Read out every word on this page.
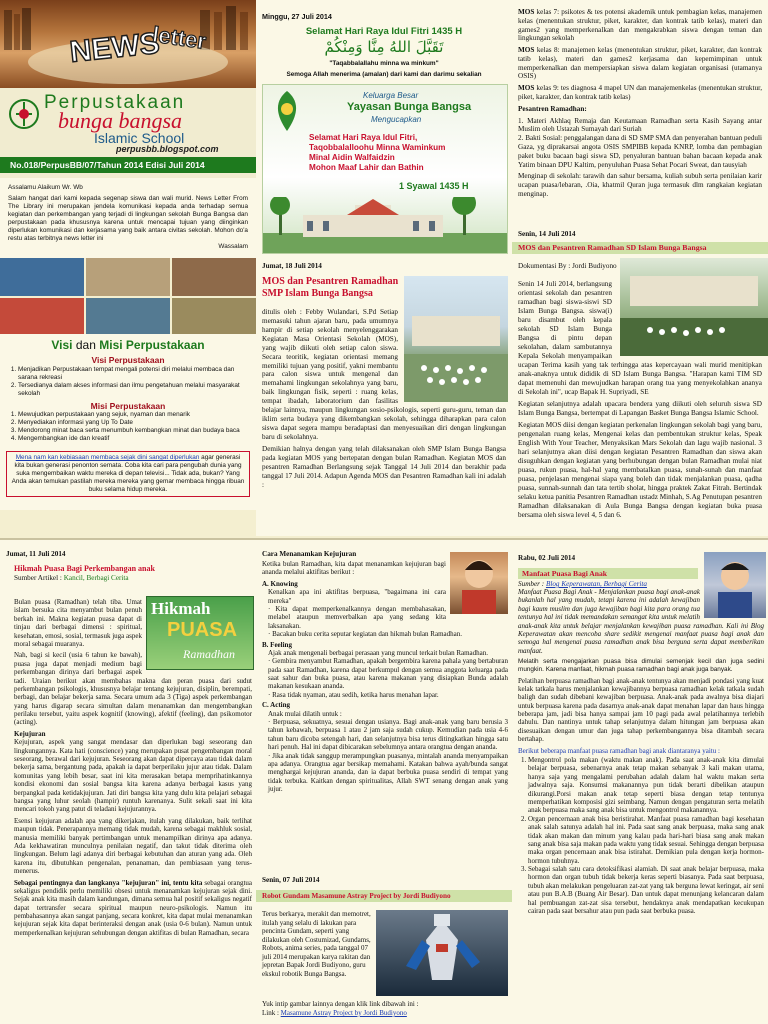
NEWS
letter
Perpustakaan
bunga bangsa
Islamic School
perpusbb.blogspot.com
No.018/PerpusBB/07/Tahun 2014 Edisi Juli 2014
Assalamu Alaikum Wr. Wb
Salam hangat dari kami kepada segenap siswa dan wali murid. News Letter From The Library ini merupakan jendela komunikasi kepada anda terhadap semua kegiatan dan perkembangan yang terjadi di lingkungan sekolah Bunga Bangsa dan perpustakaan pada khususnya karena untuk mencapai tujuan yang diinginkan diperlukan komunikasi dan kerjasama yang baik antara civitas sekolah. Mohon do'a restu atas terbitnya news letter ini
Wassalam
Visi dan Misi Perpustakaan
Visi Perpustakaan
1. Menjadikan Perpustakaan tempat mengali potensi diri melalui membaca dan sarana rekreasi
2. Tersedianya dalam akses informasi dan ilmu pengetahuan melalui masyarakat sekolah
Misi Perpustakaan
1. Mewujudkan perpustakaan yang sejuk, nyaman dan menarik
2. Menyediakan informasi yang Up To Date
3. Mendorong minat baca serta menumbuh kembangkan minat dan budaya baca
4. Mengembangkan ide dan kreatif
Mena nam kan kebiasaan membaca sejak dini sangat diperlukan agar generasi kita bukan generasi penonton semata. Coba kita cari para pengubah dunia yang suka mengembaikan waktu mereka di depan televisi... Tidak ada, bukan? Yang Anda akan temukan pastilah mereka mereka yang gemar membaca hingga ribuan buku selama hidup mereka.
Minggu, 27 Juli 2014
Selamat Hari Raya Idul Fitri 1435 H
تَقَبَّلَ اللهُ مِنَّا وَمِنْكُمْ
"Taqabbalallahu minna wa minkum"
Semoga Allah menerima (amalan) dari kami dan darimu sekalian
Keluarga Besar
Yayasan Bunga Bangsa
Mengucapkan
Selamat Hari Raya Idul Fitri,
Taqobbalalloohu Minna Waminkum
Minal Aidin Walfaidzin
Mohon Maaf Lahir dan Bathin
1 Syawal 1435 H

MOS kelas 7: psikotes & tes potensi akademik untuk pembagian kelas, manajemen kelas (menentukan struktur, piket, karakter, dan kontrak tatib kelas), materi dan games2 yang memperkenalkan dan mengakrabkan siswa dengan teman dan lingkungan sekolah

MOS kelas 8: manajemen kelas (menentukan struktur, piket, karakter, dan kontrak tatib kelas), materi dan games2 kerjasama dan kepemimpinan untuk memperkenalkan dan mempersiapkan siswa dalam kegiatan organisasi (utamanya OSIS)

MOS kelas 9: tes diagnosa 4 mapel UN dan manajemenkelas (menentukan struktur, piket, karakter, dan kontrak tatib kelas)

Pesantren Ramadhan:

1. Materi Akhlaq Remaja dan Keutamaan Ramadhan serta Kasih Sayang antar Muslim oleh Ustazah Sumayah dari Suriah

2. Bakti Sosial: penggalangan dana di SD SMP SMA dan penyerahan bantuan peduli Gaza, yg diprakarsai angota OSIS SMPIBB kepada KNRP, lomba dan pembagian paket buku bacaan bagi siswa SD, penyaluran bantuan bahan bacaan kepada anak Yatim binaan DPU Kaltim, penyuluhan Puasa Sehat Pocari Sweat, dan tausyiah

Menginap di sekolah: tarawih dan sahur bersama, kuliah subuh serta penilaian karir ucapan puasa/lebaran, .Oia, khatmil Quran juga termasuk dlm rangkaian kegiatan menginap.

Senin, 14 Juli 2014
MOS dan Pesantren Ramadhan SD Islam Bunga Bangsa
Dokumentasi By : Jordi Budiyono

Senin 14 Juli 2014, berlangsung orientasi sekolah dan pesantren ramadhan bagi siswa-siswi SD Islam Bunga Bangsa. siswa(i) baru disambut oleh kepala sekolah SD Islam Bunga Bangsa di pintu depan sekolahan, dalam sambutannya Kepala Sekolah menyampaikan ucapan Terima kasih yang tak terhingga atas kepercayaan wali murid menitipkan anak-anaknya untuk dididik di SD Islam Bunga Bangsa. "Harapan kami TIM SD dapat memenuhi dan mewujudkan harapan orang tua yang menyekolahkan ananya di Sekolah ini", ucap Bapak H. Supriyadi, SE

Kegiatan selanjutnya adalah upacara bendera yang diikuti oleh seluruh siswa SD Islam Bunga Bangsa, bertempat di Lapangan Basket Bunga Bangsa Islamic School.

Kegiatan MOS diisi dengan kegiatan perkenalan lingkungan sekolah bagi yang baru, pengenalan ruang kelas, Mengenai kelas dan pembentukan struktur kelas, Speak English With Your Teacher, Menyaksikan Mars Sekolah dan lagu wajib nasional. 3 hari selanjutnya akan diisi dengan kegiatan Pesantren Ramadhan dan siswa akan disuguhkan dengan kegiatan yang berhubungan dengan bulan Ramadhan mulai niat puasa, rukun puasa, hal-hal yang membatalkan puasa, sunah-sunah dan manfaat puasa, penjelasan mengenai siapa yang boleh dan tidak menjalankan puasa, qadha puasa, sunnah-sunnah dan tata tertib sholat, hingga praktek Zakat Fitrah. Bertindak selaku ketua panitia Pesantren Ramadhan ustadz Minhah, S.Ag Penutupan pesantren Ramadhan dilaksanakan di Aula Bunga Bangsa dengan kegiatan buka puasa bersama oleh siswa level 4, 5 dan 6.

Jumat, 18 Juli 2014
MOS dan Pesantren Ramadhan SMP Islam Bunga Bangsa

ditulis oleh : Febby Wulandari, S.Pd Setiap memasuki tahun ajaran baru, pada umumnya hampir di setiap sekolah menyelenggarakan Kegiatan Masa Orientasi Sekolah (MOS), yang wajib diikuti oleh setiap calon siswa. Secara teoritik, kegiatan orientasi memang memiliki tujuan yang positif, yakni membantu para calon siswa untuk mengenal dan memahami lingkungan sekolahnya yang baru, baik lingkungan fisik, seperti : ruang kelas, tempat ibadah, laboratorium dan fasilitas belajar lainnya, maupun lingkungan sosio-psikologis, seperti guru-guru, teman dan iklim serta budaya yang dikembangkan sekolah, sehingga diharapkan para calon siswa dapat segera mampu beradaptasi dan menyesuaikan diri dengan lingkungan baru di sekolahnya.

Demikian halnya dengan yang telah dilaksanakan oleh SMP Islam Bunga Bangsa pada kegiatan MOS yang bertepatan dengan bulan Ramadhan. Kegiatan MOS dan pesantren Ramadhan Berlangsung sejak Tanggal 14 Juli 2014 dan berakhir pada tanggal 17 Juli 2014. Adapun Agenda MOS dan Pesantren Ramadhan kali ini adalah :

Jumat, 11 Juli 2014
Hikmah Puasa Bagi Perkembangan anak
Sumber Artikel : Kancil, Berbagi Cerita
Hikmah
PUASA
Ramadhan

Bulan puasa (Ramadhan) telah tiba. Umat islam bersuka cita menyambut bulan penuh berkah ini. Makna kegiatan puasa dapat di tinjau dari berbagai dimensi : spiritual, kesehatan, emosi, sosial, termasuk juga aspek moral sebagai muaranya.

Nah, bagi si kecil (usia 6 tahun ke bawah), puasa juga dapat menjadi medium bagi perkembangan dirinya dari berbagai aspek tadi. Uraian berikut akan membahas makna dan peran puasa dari sudut perkembangan psikologis, khususnya belajar tentang kejujuran, disiplin, berempati, berbagi, dan belajar bekerja sama. Secara umum ada 3 (Tiga) aspek perkembangan yang harus digarap secara simultan dalam menanamkan dan mengembangkan perilaku tersebut, yaitu aspek kognitif (knowing), afektif (feeling), dan psikomotor (acting).

Kejujuran

Kejujuran, aspek yang sangat mendasar dan diperlukan bagi seseorang dan lingkungannya. Kata hati (conscience) yang merupakan pusat pengembangan moral seseorang, berawal dari kejujuran. Seseorang akan dapat dipercaya atau tidak dalam bekerja sama, bergantung pada, apakah ia dapat berperilaku jujur atau tidak. Dalam komunitas yang lebih besar, saat ini kita merasakan betapa memprihatinkannya kondisi ekonomi dan sosial bangsa kita karena adanya berbagai kasus yang berpangkal pada ketidakjujuran. Jati diri bangsa kita yang dulu kita pelajari sebagai bangsa yang luhur seolah (hampir) runtuh karenanya. Sulit sekali saat ini kita mencari tokoh yang patut di teladani kejujurannya.

Esensi kejujuran adalah apa yang dikerjakan, itulah yang dilakukan, baik terlihat maupun tidak. Penerapannya memang tidak mudah, karena sebagai makhluk sosial, manusia memiliki banyak pertimbangan untuk menampilkan dirinya apa adanya. Ada kekhawatiran munculnya penilaian negatif, dan takut tidak diterima oleh lingkungan. Belum lagi adanya diri berbagai kebutuhan dan aturan yang ada. Oleh karena itu, dibutuhkan pengenalan, penanaman, dan pembiasaan yang terus-menerus.

Sebagai pentingnya dan langkanya "kejujuran" ini, tentu kita sebagai orangtua sekaligus pendidik perlu memiliki obsesi untuk menanamkan kejujuran sejak dini. Sejak anak kita masih dalam kandungan, dimana semua hal positif sekaligus negatif dapat tertransfer secara spiritual maupun neuro-psikologis. Namun itu pembahasannya akan sangat panjang, secara konkret, kita dapat mulai menanamkan kejujuran sejak kita dapat berinteraksi dengan anak (usia 0-6 bulan). Namun untuk memperkenalkan kejujuran sehubungan dengan aktifitas di bulan Ramadhan, secara

Cara Menanamkan Kejujuran

Ketika bulan Ramadhan, kita dapat menanamkan kejujuran bagi ananda melalui aktifitas berikut :

A. Knowing

Kenalkan apa ini aktifitas berpuasa, "bagaimana ini cara mereka"

· Kita dapat memperkenalkannya dengan membahasakan, melabel ataupun memverbalkan apa yang sedang kita laksanakan.

· Bacakan buku cerita seputar kegiatan dan hikmah bulan Ramadhan.

B. Feeling

Ajak anak mengenali berbagai perasaan yang muncul terkait bulan Ramadhan.

· Gembira menyambut Ramadhan, apakah bergembira karena pahala yang bertaburan pada saat Ramadhan, karena dapat berkumpul dengan semua anggota keluarga pada saat sahur dan buka puasa, atau karena makanan yang disiapkan Bunda adalah makanan kesukaan ananda.

· Rasa tidak nyaman, atau sedih, ketika harus menahan lapar.

C. Acting

Anak mulai dilatih untuk :

· Berpuasa, sekuatnya, sesuai dengan usianya. Bagi anak-anak yang baru berusia 3 tahun kebawah, berpuasa 1 atau 2 jam saja sudah cukup. Kemudian pada usia 4-6 tahun baru dicoba setengah hari, dan selanjutnya bisa terus ditingkatkan hingga satu hari penuh. Hal ini dapat dibicarakan sebelumnya antara orangtua dengan ananda.

· Jika anak tidak sanggup merampungkan puasanya, mintalah ananda menyampaikan apa adanya. Orangtua agar bersikap memahami. Katakan bahwa ayah/bunda sangat menghargai kejujuran ananda, dan ia dapat berbuka puasa sendiri di tempat yang tidak terbuka. Kaitkan dengan spiritualitas, Allah SWT senang dengan anak yang jujur.

Senin, 07 Juli 2014
Robot Gundam Masamune Astray Project by Jordi Budiyono
Terus berkarya, merakit dan memotret, itulah yang selalu di lakukan para pencinta Gundam, seperti yang dilakukan oleh Costumizad, Gundams, Robots, anima series, pada tanggal 07 juli 2014 merupakan karya rakitan dan jepretan Bapak Jordi Budiyono, guru ekskul robotik Bunga Bangsa.
Yuk intip gambar lainnya dengan klik link dibawah ini :
Link : Masamune Astray Project by Jordi Budiyono
Rabu, 02 Juli 2014
Manfaat Puasa Bagi Anak
Sumber : Blog Keperawatan, Berbagi Cerita

Manfaat Puasa Bagi Anak - Menjalankan puasa bagi anak-anak bukanlah hal yang mudah, tetapi karena ini adalah kewajiban bagi kaum muslim dan juga kewajiban bagi kita para orang tua tentunya hal ini tidak memandakan semangat kita untuk melatih anak-anak kita untuk belajar menjalankan kewajiban puasa ramadhan. Kali ini Blog Keperawatan akan mencoba share sedikit mengenai manfaat puasa bagi anak dan semoga hal mengenai puasa ramadhan anak bisa berguna serta dapat memberikan manfaat.

Melatih serta mengajarkan puasa bisa dimulai semenjak kecil dan juga sedini mungkin. Karena manfaat, hikmah puasa ramadhan bagi anak juga banyak.

Pelatihan berpuasa ramadhan bagi anak-anak tentunya akan menjadi pondasi yang kuat kelak tatkala harus menjalankan kewajibannya berpuasa ramadhan kelak tatkala sudah baligh dan sudah dibebani kewajiban berpuasa. Anak-anak pada awalnya bisa diajari untuk berpuasa karena pada dasarnya anak-anak dapat menahan lapar dan haus hingga beberapa jam, jadi bisa hanya sampai jam 10 pagi pada awal pelatihannya terlebih dahulu. Dan nantinya untuk tahap selanjutnya dalam hitungan jam berpuasa akan disesuaikan dengan umur dan juga tahap perkembangannya bisa ditambah secara bertahap.

Berikut beberapa manfaat puasa ramadhan bagi anak diantaranya yaitu :

1. Mengontrol pola makan (waktu makan anak). Pada saat anak-anak kita dimulai belajar berpuasa, sebenarnya anak tetap makan sebanyak 3 kali makan utama, hanya saja yang mengalami perubahan adalah dalam hal waktu makan serta jadwalnya saja. Konsumsi makanannya pun tidak berarti dibelikan ataupun dikurangi.Porsi makan anak tetap seperti biasa dengan tetap tentunya memperhatikan komposisi gizi seimbang. Namun dengan pengaturan serta melatih anak berpuasa maka sang anak bisa untuk mengontrol makanannya.
2. Organ pencernaan anak bisa beristirahat. Manfaat puasa ramadhan bagi kesehatan anak salah satunya adalah hal ini. Pada saat sang anak berpuasa, maka sang anak tidak akan makan dan minum yang kalau pada hari-hari biasa sang anak makan sang anak bisa saja makan pada waktu yang tidak sesuai. Sehingga dengan berpuasa maka organ pencernaan anak bisa istirahat. Demikian pula dengan kerja hormon-hormon tubuhnya.
3. Sebagai salah satu cara detoksifikasi alamiah. Di saat anak belajar berpuasa, maka hormon dan organ tubuh tidak bekerja keras seperti biasanya. Pada saat berpuasa, tubuh akan melakukan pengeluaran zat-zat yang tak berguna lewat keringat, air seni atau pun B.A.B (Buang Air Besar). Dan untuk dapat menunjang kelancaran dalam hal pembuangan zat-zat sisa tersebut, hendaknya anak mendapatkan kecukupan cairan pada saat bersahur atau pun pada saat berbuka puasa.
